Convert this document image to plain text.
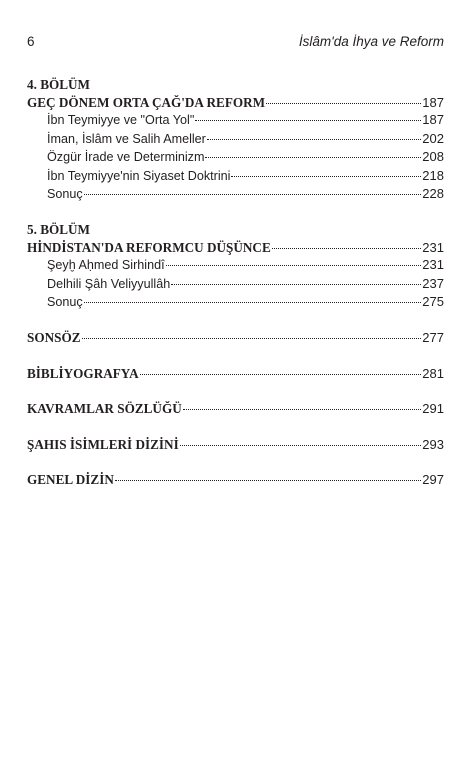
6	İslâm'da İhya ve Reform
4. BÖLÜM
GEÇ DÖNEM ORTA ÇAĞ'DA REFORM	187
İbn Teymiyye ve "Orta Yol"	187
İman, İslâm ve Salih Ameller	202
Özgür İrade ve Determinizm	208
İbn Teymiyye'nin Siyaset Doktrini	218
Sonuç	228
5. BÖLÜM
HİNDİSTAN'DA REFORMCU DÜŞÜNCE	231
Şeyḫ Aḥmed Sirhindî	231
Delhili Şâh Veliyyullâh	237
Sonuç	275
SONSÖZ	277
BİBLİYOGRAFYA	281
KAVRAMLAR SÖZLÜĞÜ	291
ŞAHIS İSİMLERİ DİZİNİ	293
GENEL DİZİN	297
